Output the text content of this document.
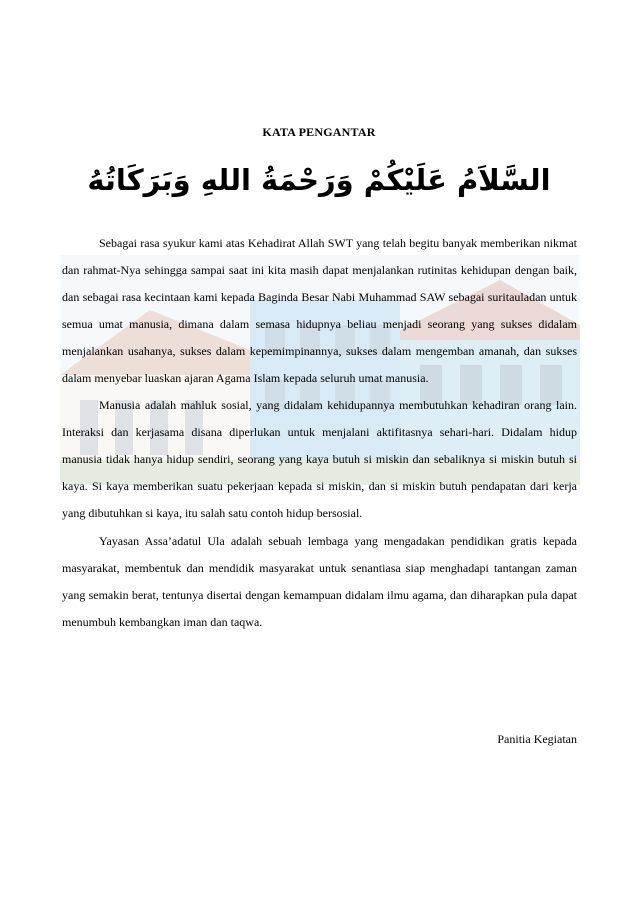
KATA PENGANTAR
السَّلاَمُ عَلَيْكُمْ وَرَحْمَةُ اللهِ وَبَرَكَاتُهُ

Sebagai rasa syukur kami atas Kehadirat Allah SWT yang telah begitu banyak memberikan nikmat dan rahmat-Nya sehingga sampai saat ini kita masih dapat menjalankan rutinitas kehidupan dengan baik, dan sebagai rasa kecintaan kami kepada Baginda Besar Nabi Muhammad SAW sebagai suritauladan untuk semua umat manusia, dimana dalam semasa hidupnya beliau menjadi seorang yang sukses didalam menjalankan usahanya, sukses dalam kepemimpinannya, sukses dalam mengemban amanah, dan sukses dalam menyebar luaskan ajaran Agama Islam kepada seluruh umat manusia.

Manusia adalah mahluk sosial, yang didalam kehidupannya membutuhkan kehadiran orang lain. Interaksi dan kerjasama disana diperlukan untuk menjalani aktifitasnya sehari-hari. Didalam hidup manusia tidak hanya hidup sendiri, seorang yang kaya butuh si miskin dan sebaliknya si miskin butuh si kaya. Si kaya memberikan suatu pekerjaan kepada si miskin, dan si miskin butuh pendapatan dari kerja yang dibutuhkan si kaya, itu salah satu contoh hidup bersosial.

Yayasan Assa’adatul Ula adalah sebuah lembaga yang mengadakan pendidikan gratis kepada masyarakat, membentuk dan mendidik masyarakat untuk senantiasa siap menghadapi tantangan zaman yang semakin berat, tentunya disertai dengan kemampuan didalam ilmu agama, dan diharapkan pula dapat menumbuh kembangkan iman dan taqwa.

Panitia Kegiatan
